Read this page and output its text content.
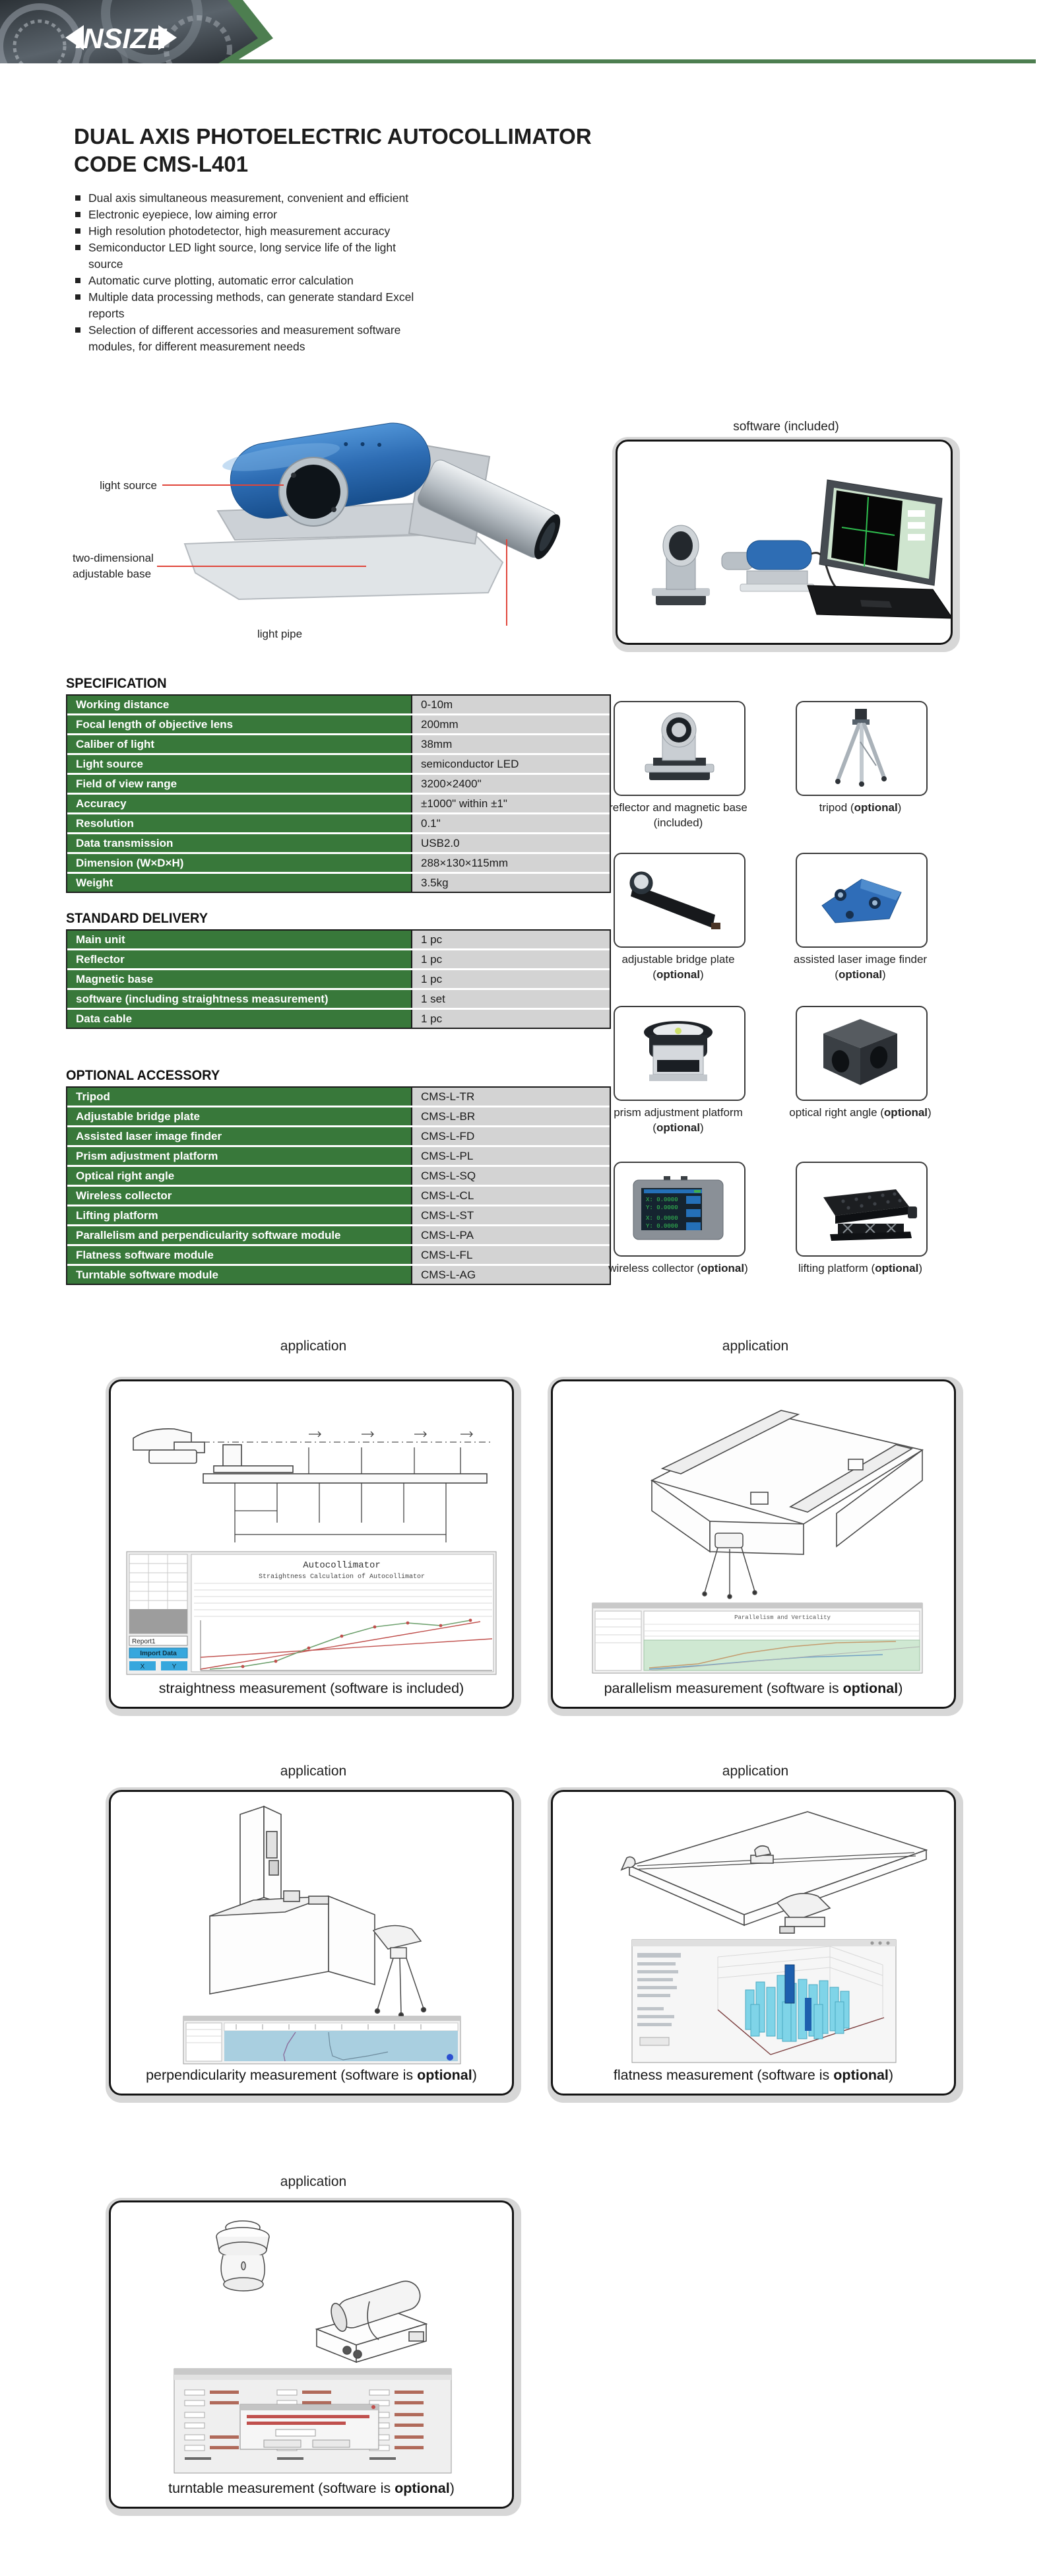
INSIZE
DUAL AXIS PHOTOELECTRIC AUTOCOLLIMATOR
CODE CMS-L401
Dual axis simultaneous measurement, convenient and efficient
Electronic eyepiece, low aiming error
High resolution photodetector, high measurement accuracy
Semiconductor LED light source, long service life of the light source
Automatic curve plotting, automatic error calculation
Multiple data processing methods, can generate standard Excel reports
Selection of different accessories and measurement software modules, for different measurement needs
light source
two-dimensional
adjustable base
light pipe
software (included)
SPECIFICATION
Working distance	0-10m
Focal length of objective lens	200mm
Caliber of light	38mm
Light source	semiconductor LED
Field of view range	3200×2400"
Accuracy	±1000" within ±1"
Resolution	0.1"
Data transmission	USB2.0
Dimension (W×D×H)	288×130×115mm
Weight	3.5kg
STANDARD DELIVERY
Main unit	1 pc
Reflector	1 pc
Magnetic base	1 pc
software (including straightness measurement)	1 set
Data cable	1 pc
OPTIONAL ACCESSORY
Tripod	CMS-L-TR
Adjustable bridge plate	CMS-L-BR
Assisted laser image finder	CMS-L-FD
Prism adjustment platform	CMS-L-PL
Optical right angle	CMS-L-SQ
Wireless collector	CMS-L-CL
Lifting platform	CMS-L-ST
Parallelism and perpendicularity software module	CMS-L-PA
Flatness software module	CMS-L-FL
Turntable software module	CMS-L-AG
X: 0.0000
Y: 0.0000
X: 0.0000
Y: 0.0000
reflector and magnetic base (included)
tripod (optional)
adjustable bridge plate (optional)
assisted laser image finder (optional)
prism adjustment platform (optional)
optical right angle (optional)
wireless collector (optional)	lifting platform (optional)
application
Report1
Import Data
X	Y
Autocollimator
Straightness Calculation of Autocollimator
straightness measurement (software is included)
application
Parallelism and Verticality
parallelism measurement (software is optional)
application
perpendicularity measurement (software is optional)
application
flatness measurement (software is optional)
application
turntable measurement (software is optional)
